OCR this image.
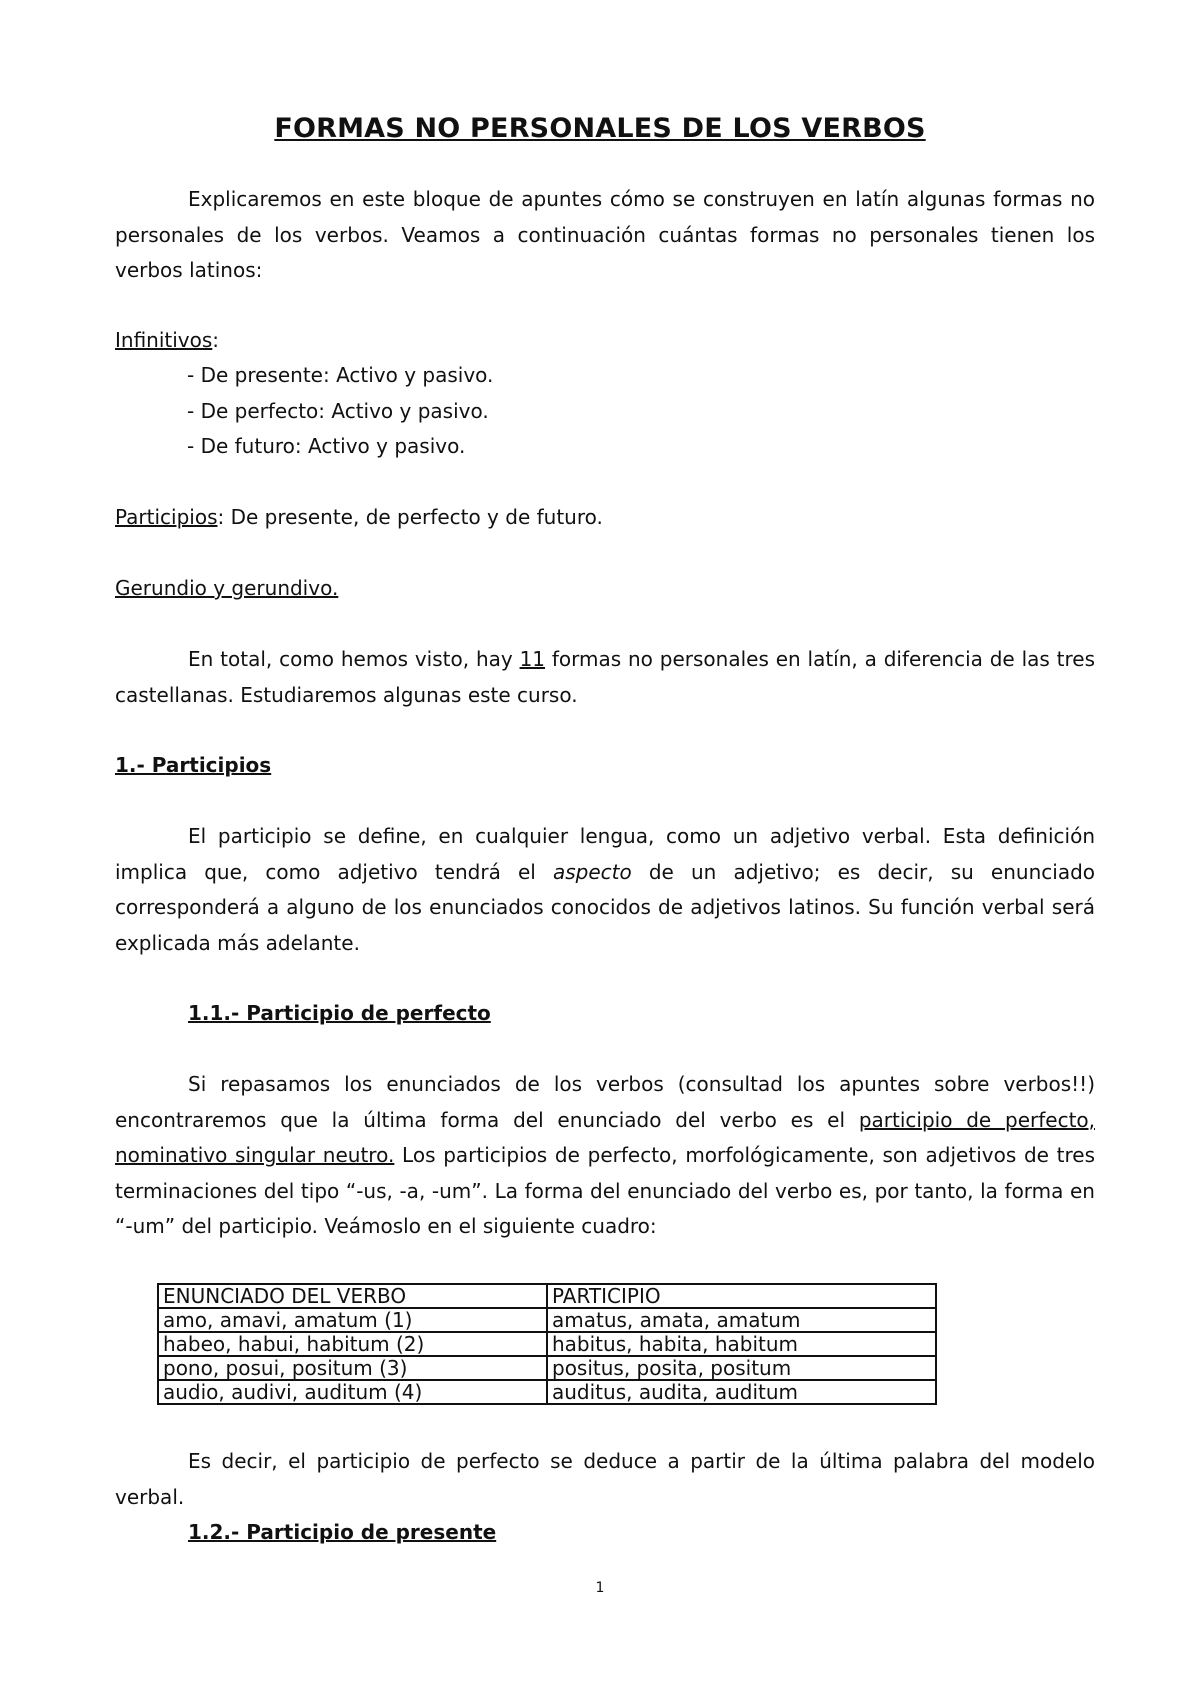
FORMAS NO PERSONALES DE LOS VERBOS
Explicaremos en este bloque de apuntes cómo se construyen en latín algunas formas no personales de los verbos. Veamos a continuación cuántas formas no personales tienen los verbos latinos:
Infinitivos:
- De presente: Activo y pasivo.
- De perfecto: Activo y pasivo.
- De futuro: Activo y pasivo.
Participios: De presente, de perfecto y de futuro.
Gerundio y gerundivo.
En total, como hemos visto, hay 11 formas no personales en latín, a diferencia de las tres castellanas. Estudiaremos algunas este curso.
1.- Participios
El participio se define, en cualquier lengua, como un adjetivo verbal. Esta definición implica que, como adjetivo tendrá el aspecto de un adjetivo; es decir, su enunciado corresponderá a alguno de los enunciados conocidos de adjetivos latinos. Su función verbal será explicada más adelante.
1.1.- Participio de perfecto
Si repasamos los enunciados de los verbos (consultad los apuntes sobre verbos!!) encontraremos que la última forma del enunciado del verbo es el participio de perfecto, nominativo singular neutro. Los participios de perfecto, morfológicamente, son adjetivos de tres terminaciones del tipo “-us, -a, -um”. La forma del enunciado del verbo es, por tanto, la forma en “-um” del participio. Veámoslo en el siguiente cuadro:
ENUNCIADO DEL VERBO	PARTICIPIO
amo, amavi, amatum (1)	amatus, amata, amatum
habeo, habui, habitum (2)	habitus, habita, habitum
pono, posui, positum (3)	positus, posita, positum
audio, audivi, auditum (4)	auditus, audita, auditum
Es decir, el participio de perfecto se deduce a partir de la última palabra del modelo verbal.
1.2.- Participio de presente
1
